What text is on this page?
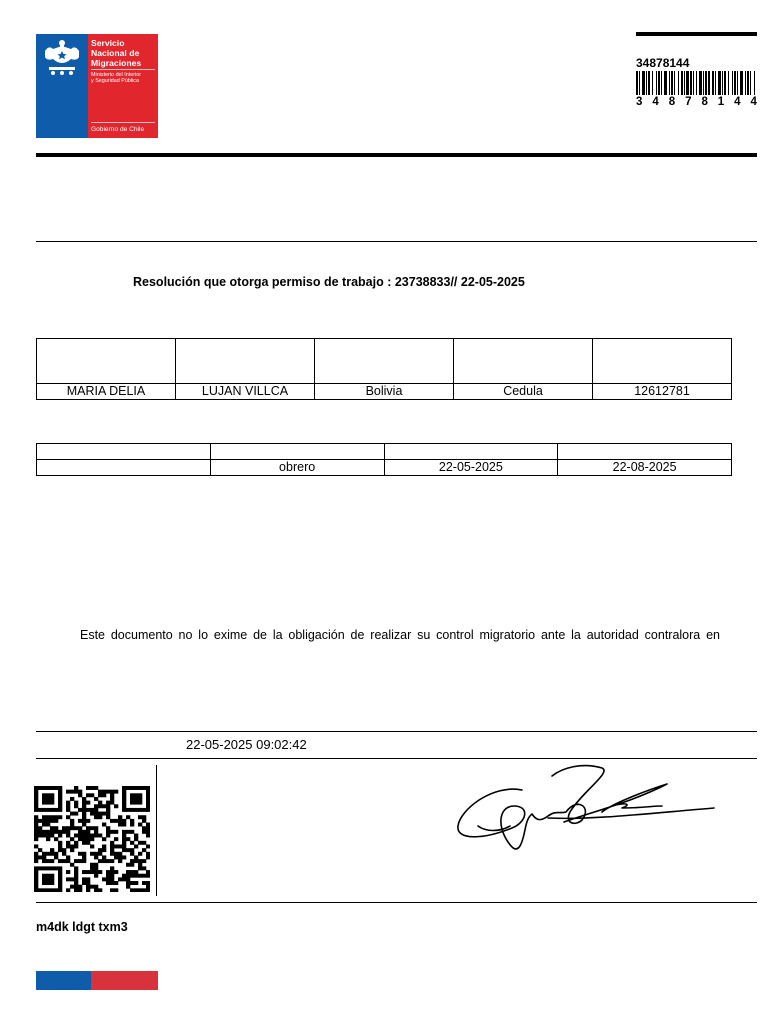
Servicio
Nacional de
Migraciones
Ministerio del Interior
y Seguridad Pública
Gobierno de Chile
34878144
3 4 8 7 8 1 4 4
Resolución que otorga permiso de trabajo : 23738833// 22-05-2025

MARIA DELIA	LUJAN VILLCA	Bolivia	Cedula	12612781

	obrero	22-05-2025	22-08-2025
Este documento no lo exime de la obligación de realizar su control migratorio ante la autoridad contralora en
22-05-2025 09:02:42
m4dk ldgt txm3
